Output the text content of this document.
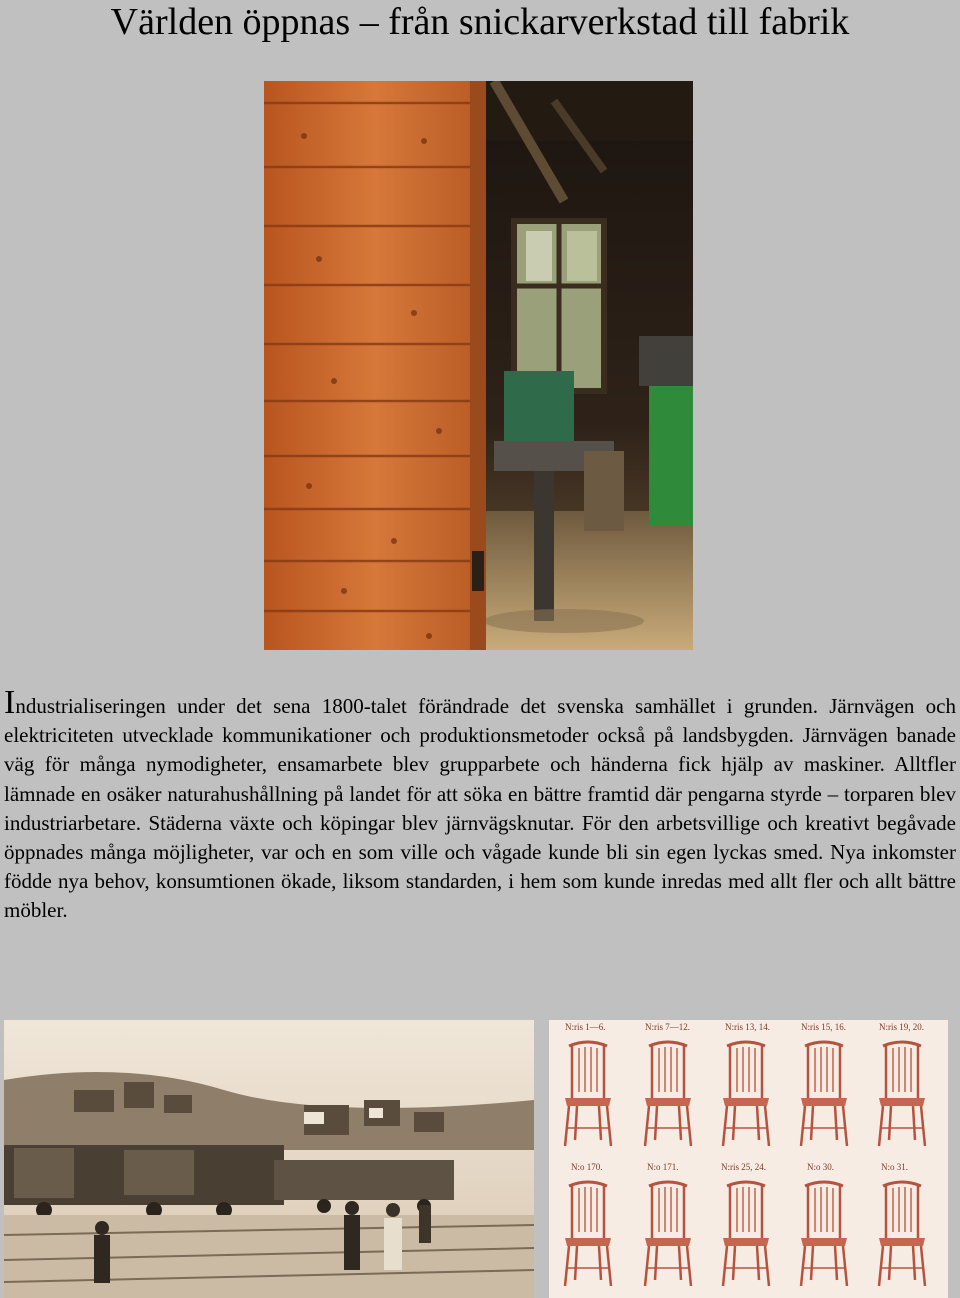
Världen öppnas – från snickarverkstad till fabrik

Industrialiseringen under det sena 1800-talet förändrade det svenska samhället i grunden. Järnvägen och elektriciteten utvecklade kommunikationer och produktionsmetoder också på landsbygden. Järnvägen banade väg för många nymodigheter, ensamarbete blev grupparbete och händerna fick hjälp av maskiner. Alltfler lämnade en osäker naturahushållning på landet för att söka en bättre framtid där pengarna styrde – torparen blev industriarbetare. Städerna växte och köpingar blev järnvägsknutar. För den arbetsvillige och kreativt begåvade öppnades många möjligheter, var och en som ville och vågade kunde bli sin egen lyckas smed. Nya inkomster födde nya behov, konsumtionen ökade, liksom standarden, i hem som kunde inredas med allt fler och allt bättre möbler.

N:ris 1—6.	N:ris 7—12.	N:ris 13, 14.	N:ris 15, 16.	N:ris 19, 20.
N:o 170.	N:o 171.	N:ris 25, 24.	N:o 30.	N:o 31.
